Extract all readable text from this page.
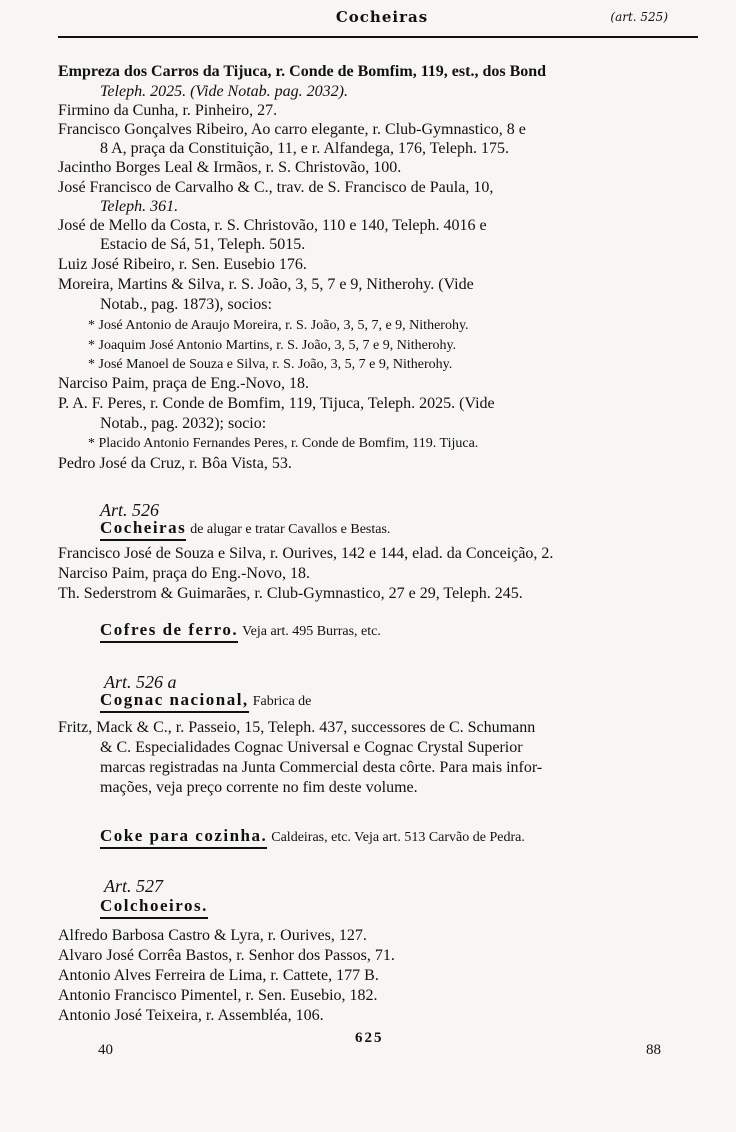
Cocheiras	(art. 525)
Empreza dos Carros da Tijuca, r. Conde de Bomfim, 119, est., dos Bond
Teleph. 2025. (Vide Notab. pag. 2032).
Firmino da Cunha, r. Pinheiro, 27.
Francisco Gonçalves Ribeiro, Ao carro elegante, r. Club-Gymnastico, 8 e
8 A, praça da Constituição, 11, e r. Alfandega, 176, Teleph. 175.
Jacintho Borges Leal & Irmãos, r. S. Christovão, 100.
José Francisco de Carvalho & C., trav. de S. Francisco de Paula, 10,
Teleph. 361.
José de Mello da Costa, r. S. Christovão, 110 e 140, Teleph. 4016 e
Estacio de Sá, 51, Teleph. 5015.
Luiz José Ribeiro, r. Sen. Eusebio 176.
Moreira, Martins & Silva, r. S. João, 3, 5, 7 e 9, Nitherohy. (Vide
Notab., pag. 1873), socios:
* José Antonio de Araujo Moreira, r. S. João, 3, 5, 7, e 9, Nitherohy.
* Joaquim José Antonio Martins, r. S. João, 3, 5, 7 e 9, Nitherohy.
* José Manoel de Souza e Silva, r. S. João, 3, 5, 7 e 9, Nitherohy.
Narciso Paim, praça de Eng.-Novo, 18.
P. A. F. Peres, r. Conde de Bomfim, 119, Tijuca, Teleph. 2025. (Vide
Notab., pag. 2032); socio:
* Placido Antonio Fernandes Peres, r. Conde de Bomfim, 119. Tijuca.
Pedro José da Cruz, r. Bôa Vista, 53.
Art. 526
Cocheiras de alugar e tratar Cavallos e Bestas.
Francisco José de Souza e Silva, r. Ourives, 142 e 144, elad. da Conceição, 2.
Narciso Paim, praça do Eng.-Novo, 18.
Th. Sederstrom & Guimarães, r. Club-Gymnastico, 27 e 29, Teleph. 245.
Cofres de ferro. Veja art. 495 Burras, etc.
Art. 526 a
Cognac nacional, Fabrica de
Fritz, Mack & C., r. Passeio, 15, Teleph. 437, successores de C. Schumann
& C. Especialidades Cognac Universal e Cognac Crystal Superior
marcas registradas na Junta Commercial desta côrte. Para mais infor-
mações, veja preço corrente no fim deste volume.
Coke para cozinha. Caldeiras, etc. Veja art. 513 Carvão de Pedra.
Art. 527
Colchoeiros.
Alfredo Barbosa Castro & Lyra, r. Ourives, 127.
Alvaro José Corrêa Bastos, r. Senhor dos Passos, 71.
Antonio Alves Ferreira de Lima, r. Cattete, 177 B.
Antonio Francisco Pimentel, r. Sen. Eusebio, 182.
Antonio José Teixeira, r. Assembléa, 106.
40
625
88
